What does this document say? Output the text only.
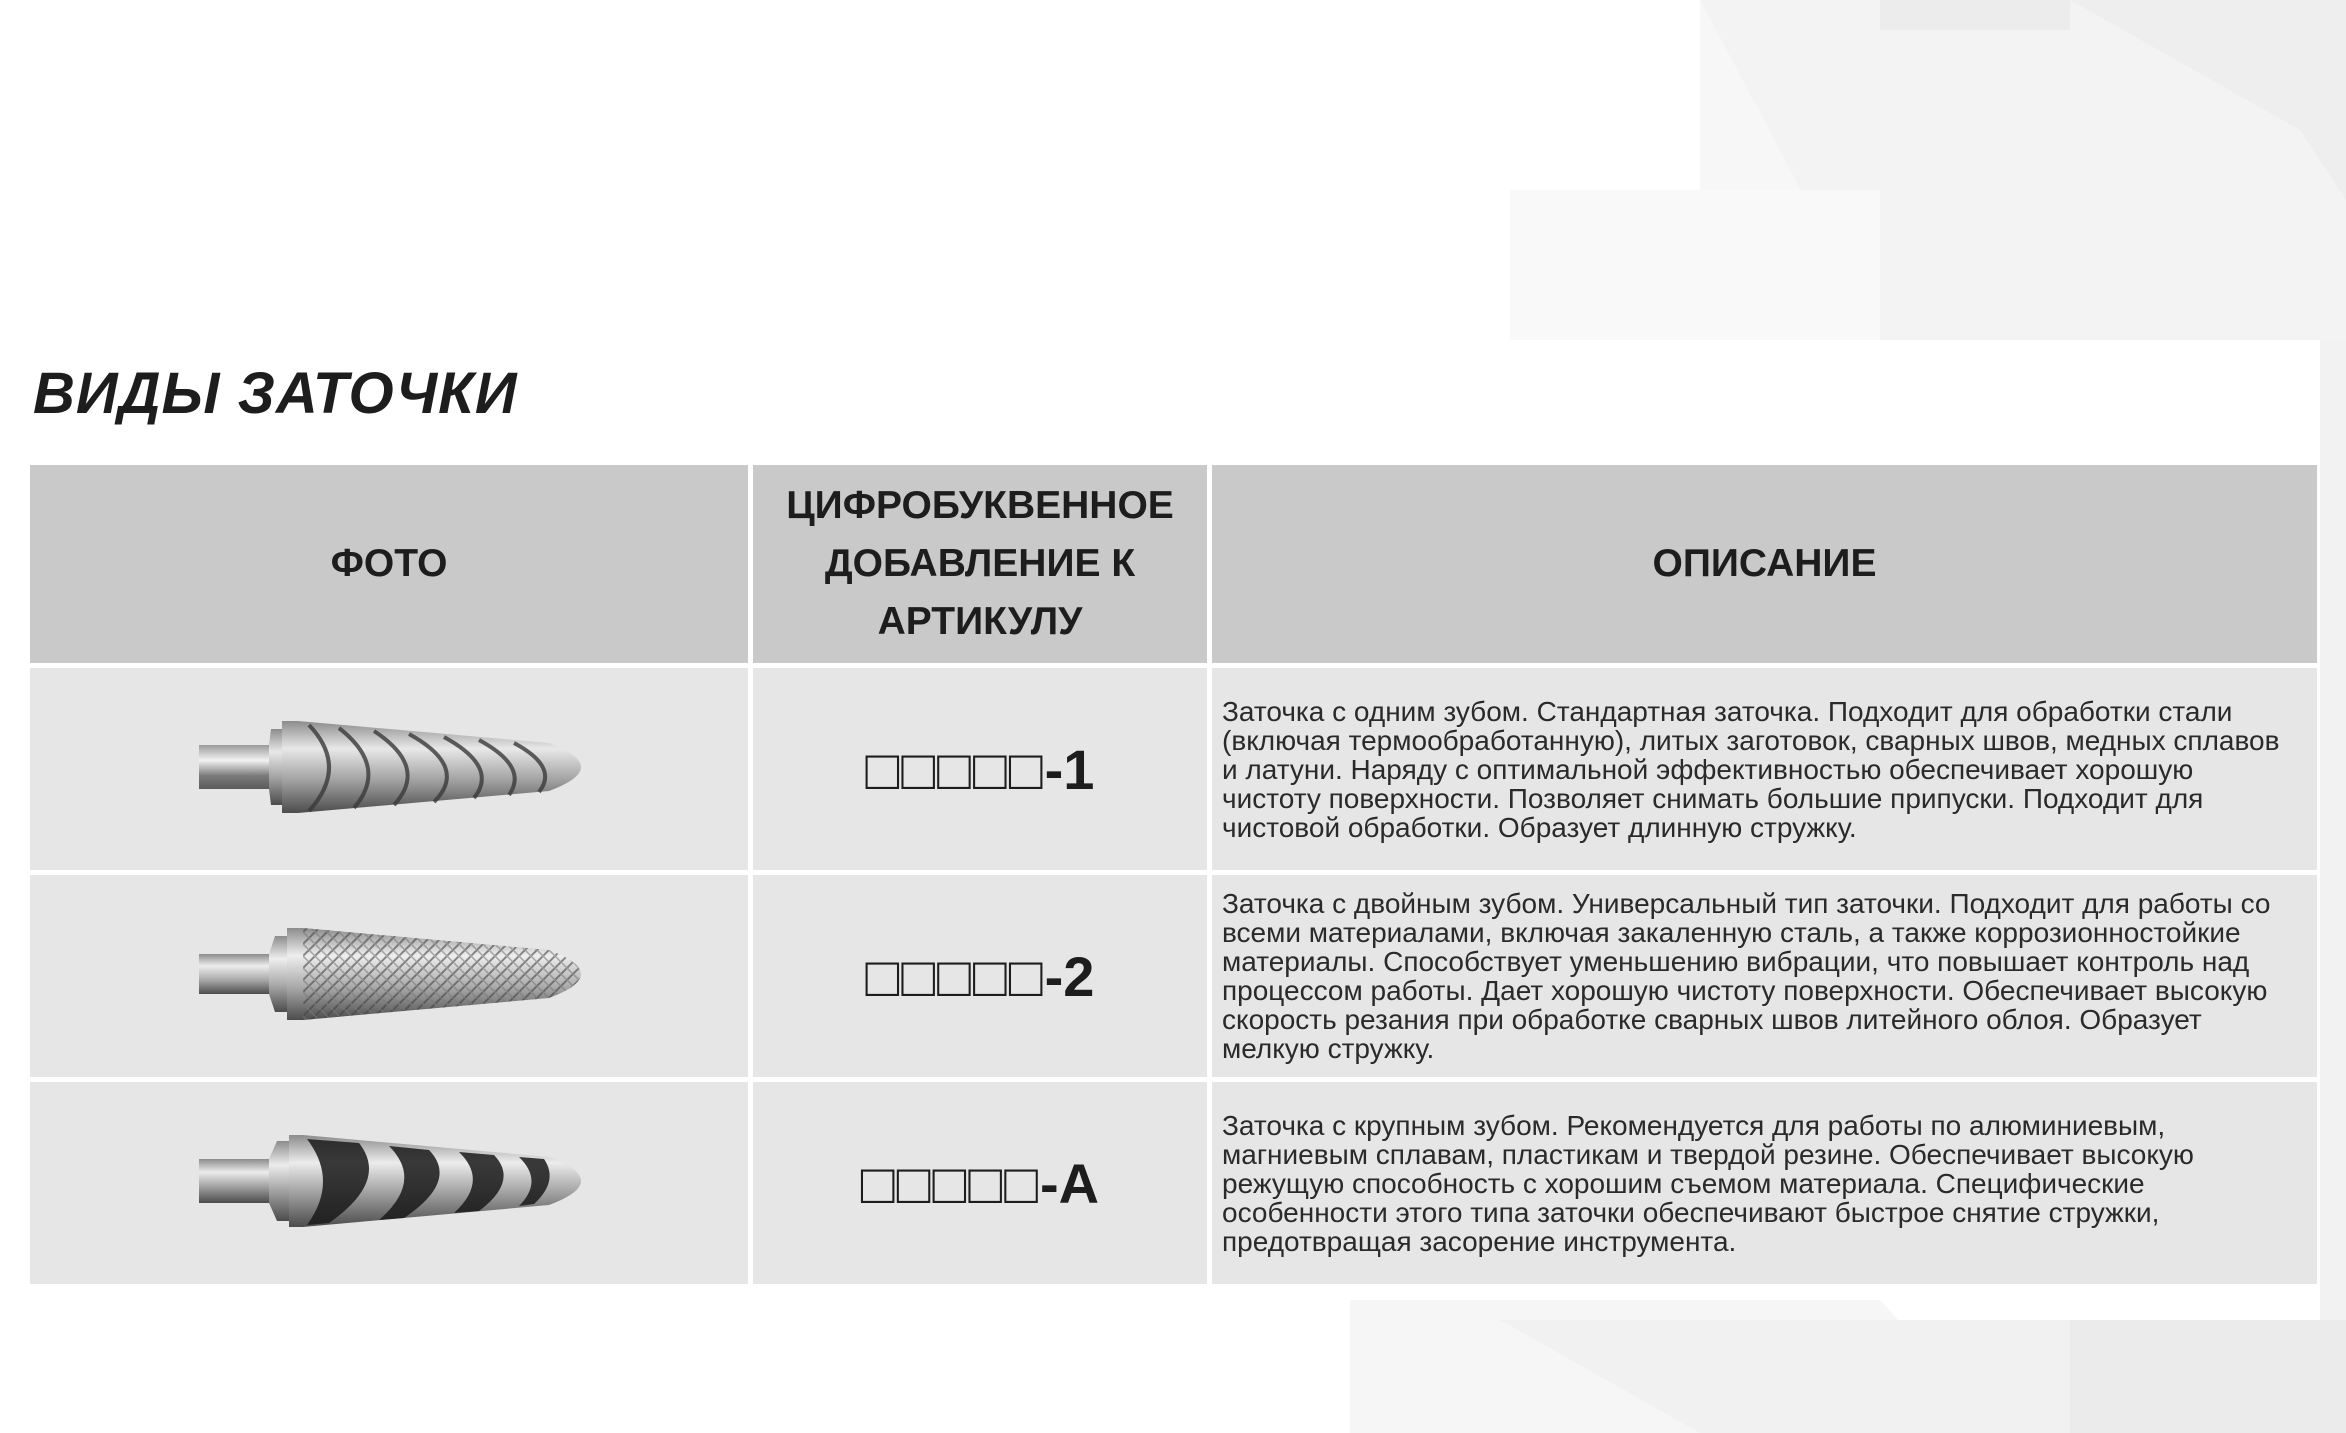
ВИДЫ ЗАТОЧКИ
ФОТО	ЦИФРОБУКВЕННОЕ ДОБАВЛЕНИЕ К АРТИКУЛУ	ОПИСАНИЕ
	□□□□□-1	Заточка с одним зубом. Стандартная заточка. Подходит для обработки стали (включая термообработанную), литых заготовок, сварных швов, медных сплавов и латуни. Наряду с оптимальной эффективностью обеспечивает хорошую чистоту поверхности. Позволяет снимать большие припуски. Подходит для чистовой обработки. Образует длинную стружку.
	□□□□□-2	Заточка с двойным зубом. Универсальный тип заточки. Подходит для работы со всеми материалами, включая закаленную сталь, а также коррозионностойкие материалы. Способствует уменьшению вибрации, что повышает контроль над процессом работы. Дает хорошую чистоту поверхности. Обеспечивает высокую скорость резания при обработке сварных швов литейного облоя. Образует мелкую стружку.
	□□□□□-A	Заточка с крупным зубом. Рекомендуется для работы по алюминиевым, магниевым сплавам, пластикам и твердой резине. Обеспечивает высокую режущую способность с хорошим съемом материала. Специфические особенности этого типа заточки обеспечивают быстрое снятие стружки, предотвращая засорение инструмента.
